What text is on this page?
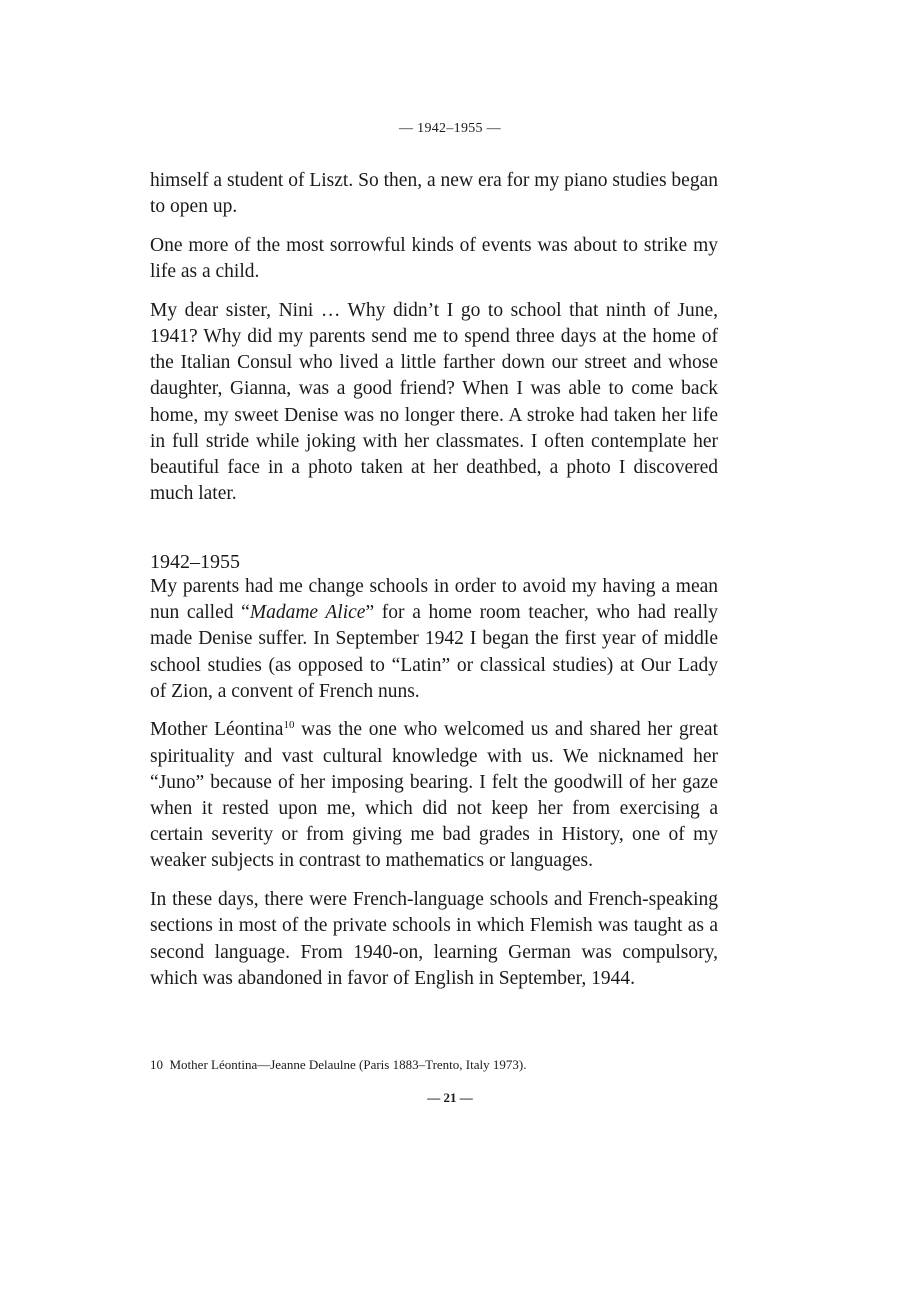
— 1942–1955 —

himself a student of Liszt. So then, a new era for my piano studies began to open up.

One more of the most sorrowful kinds of events was about to strike my life as a child.

My dear sister, Nini … Why didn’t I go to school that ninth of June, 1941? Why did my parents send me to spend three days at the home of the Italian Consul who lived a little farther down our street and whose daughter, Gianna, was a good friend? When I was able to come back home, my sweet Denise was no longer there. A stroke had taken her life in full stride while joking with her classmates. I often contemplate her beautiful face in a photo taken at her deathbed, a photo I discovered much later.

1942–1955

My parents had me change schools in order to avoid my having a mean nun called “Madame Alice” for a home room teacher, who had really made Denise suffer. In September 1942 I began the first year of middle school studies (as opposed to “Latin” or classical studies) at Our Lady of Zion, a convent of French nuns.

Mother Léontina$^{10}$ was the one who welcomed us and shared her great spirituality and vast cultural knowledge with us. We nicknamed her “Juno” because of her imposing bearing. I felt the goodwill of her gaze when it rested upon me, which did not keep her from exercising a certain severity or from giving me bad grades in History, one of my weaker subjects in contrast to mathematics or languages.

In these days, there were French-language schools and French-speaking sections in most of the private schools in which Flemish was taught as a second language. From 1940-on, learning German was compulsory, which was abandoned in favor of English in September, 1944.

10 Mother Léontina—Jeanne Delaulne (Paris 1883–Trento, Italy 1973).
— 21 —
